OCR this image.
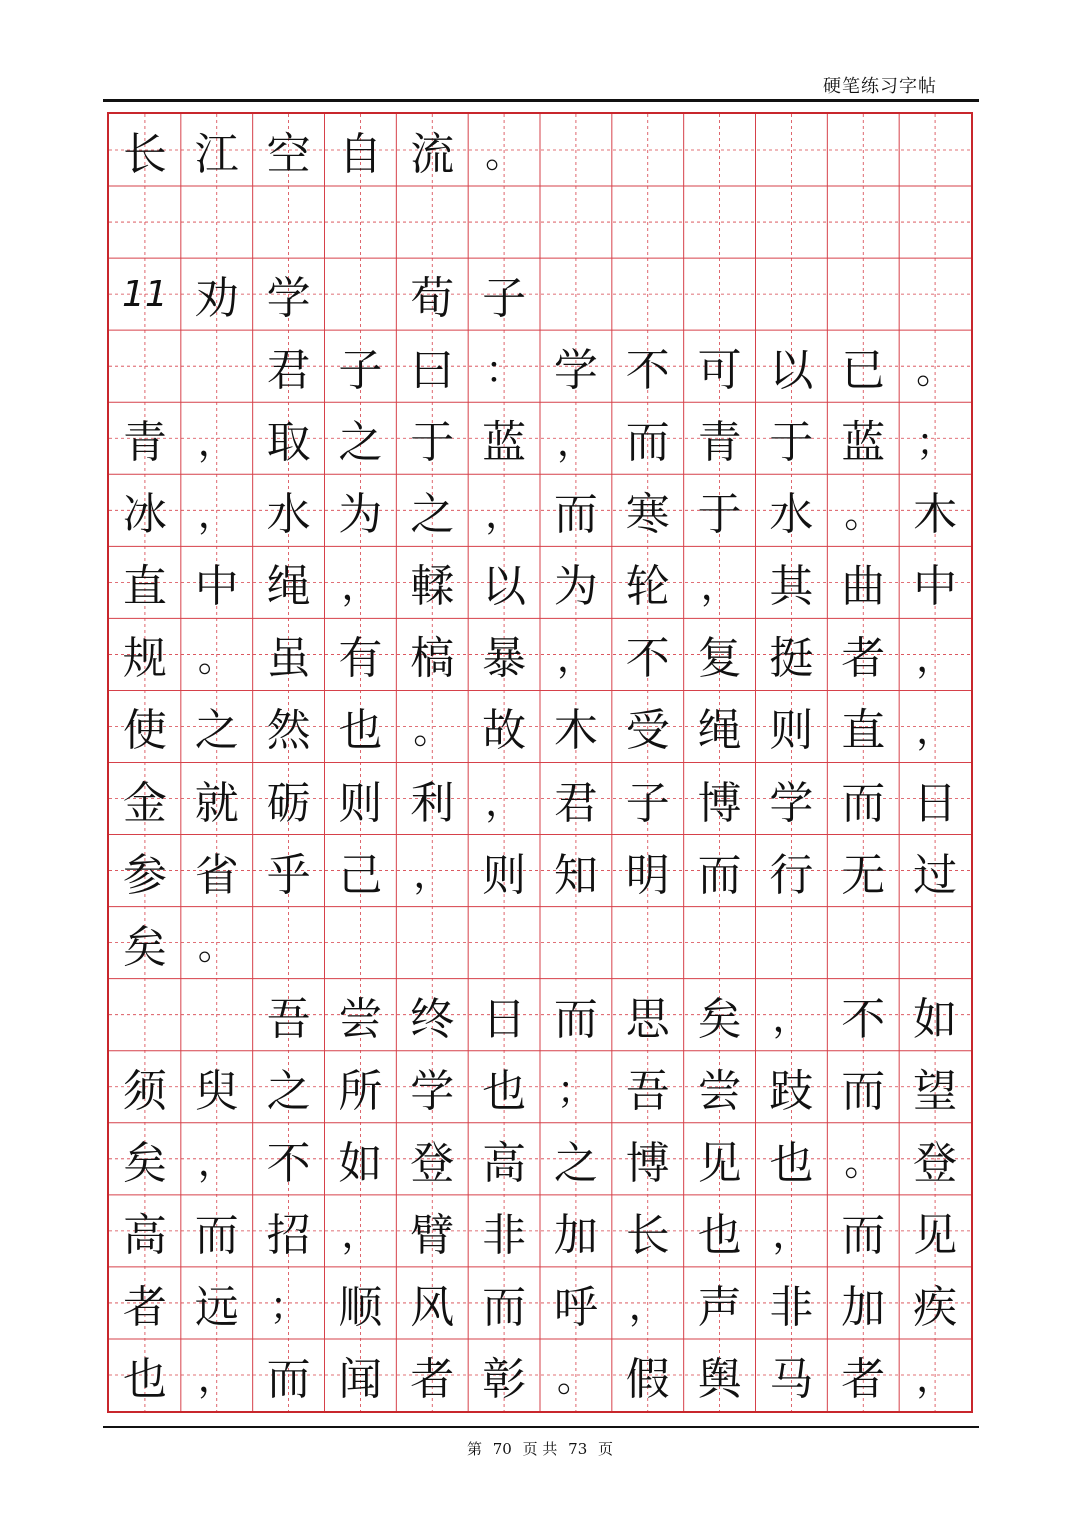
硬笔练习字帖
长 江 空 自 流 。
11 劝 学	荀 子
君 子 曰 ： 学 不 可 以 已 。
青 ， 取 之 于 蓝 ， 而 青 于 蓝 ；
冰 ， 水 为 之 ， 而 寒 于 水 。 木
直 中 绳 ， 輮 以 为 轮 ， 其 曲 中
规 。 虽 有 槁 暴 ， 不 复 挺 者 ，
使 之 然 也 。 故 木 受 绳 则 直 ，
金 就 砺 则 利 ， 君 子 博 学 而 日
参 省 乎 己 ， 则 知 明 而 行 无 过
矣 。
吾 尝 终 日 而 思 矣 ， 不 如
须 臾 之 所 学 也 ； 吾 尝 跂 而 望
矣 ， 不 如 登 高 之 博 见 也 。 登
高 而 招 ， 臂 非 加 长 也 ， 而 见
者 远 ； 顺 风 而 呼 ， 声 非 加 疾
也 ， 而 闻 者 彰 。 假 舆 马 者 ，
第 70 页 共 73 页
